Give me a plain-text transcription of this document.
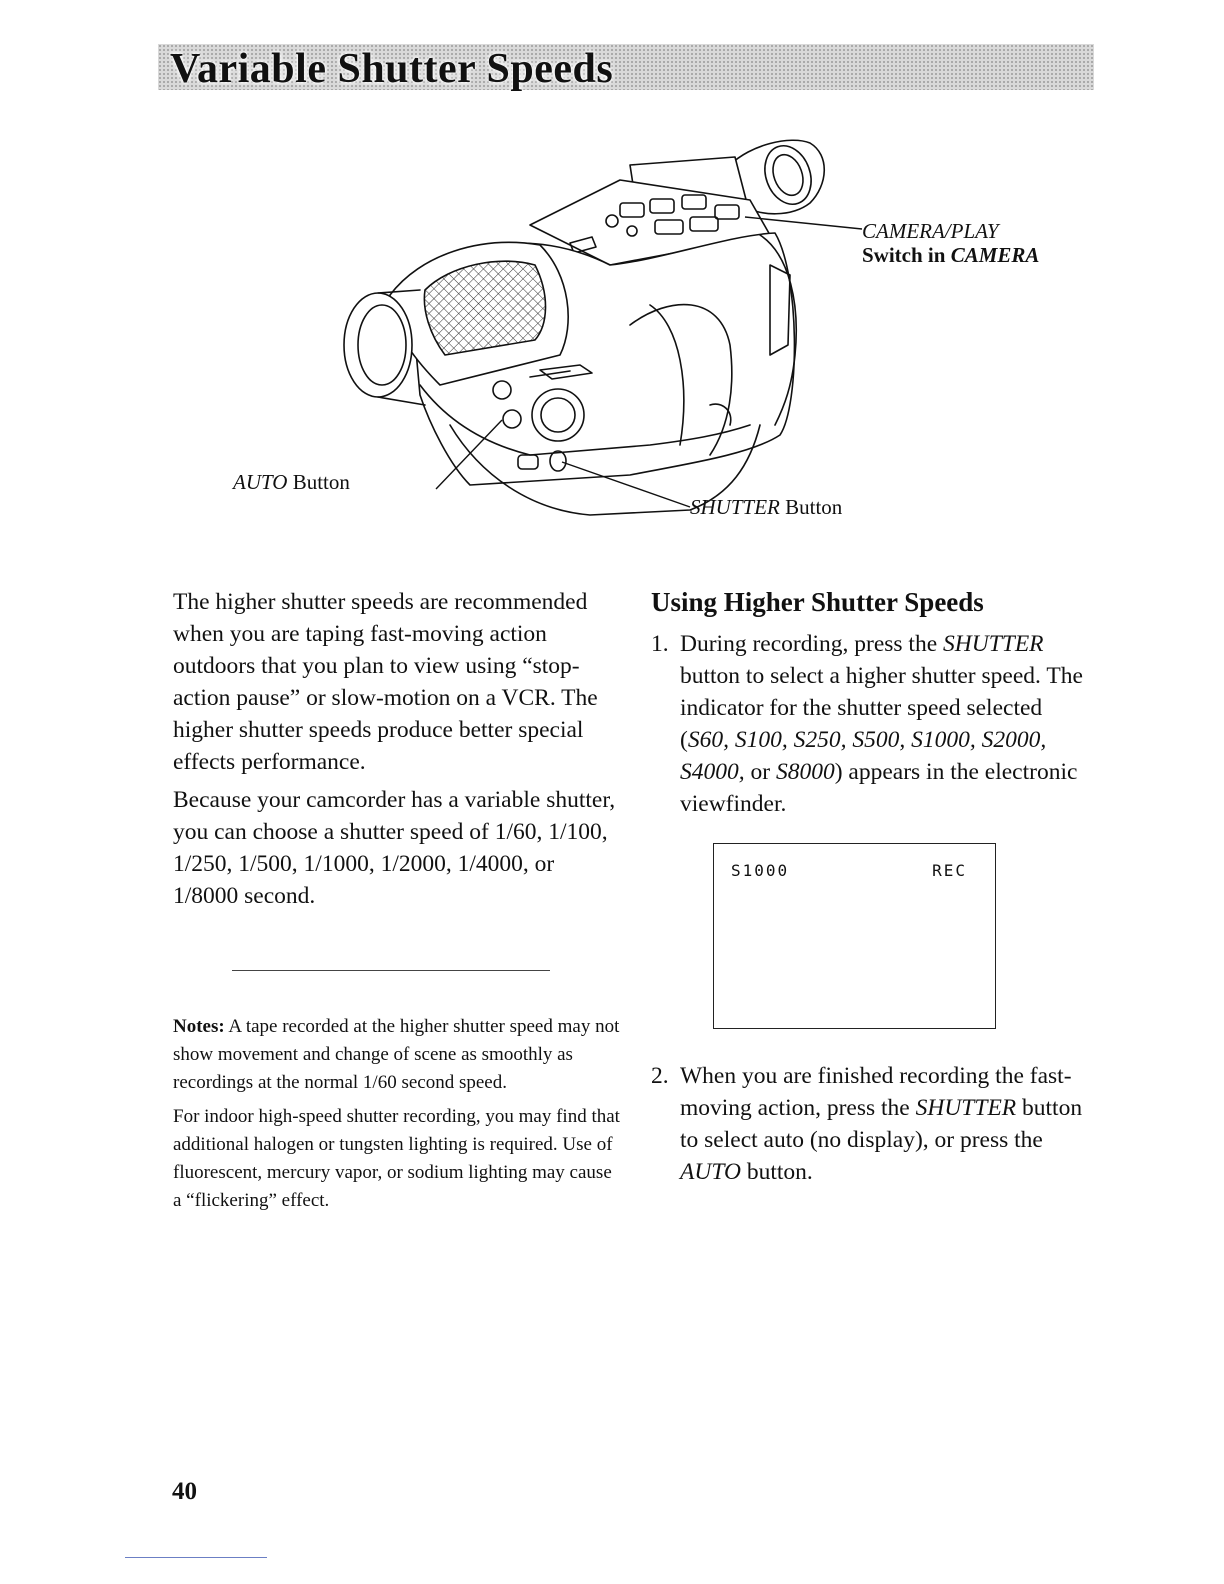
Variable Shutter Speeds
CAMERA/PLAY
Switch in CAMERA
AUTO Button
SHUTTER Button

The higher shutter speeds are recommended when you are taping fast-moving action outdoors that you plan to view using “stop-action pause” or slow-motion on a VCR. The higher shutter speeds produce better special effects performance.

Because your camcorder has a variable shutter, you can choose a shutter speed of 1/60, 1/100, 1/250, 1/500, 1/1000, 1/2000, 1/4000, or 1/8000 second.

Notes: A tape recorded at the higher shutter speed may not show movement and change of scene as smoothly as recordings at the normal 1/60 second speed.

For indoor high-speed shutter recording, you may find that additional halogen or tungsten lighting is required. Use of fluorescent, mercury vapor, or sodium lighting may cause a “flickering” effect.

Using Higher Shutter Speeds
1. During recording, press the SHUTTER button to select a higher shutter speed. The indicator for the shutter speed selected (S60, S100, S250, S500, S1000, S2000, S4000, or S8000) appears in the electronic viewfinder.
S1000	REC
2. When you are finished recording the fast-moving action, press the SHUTTER button to select auto (no display), or press the AUTO button.
40
